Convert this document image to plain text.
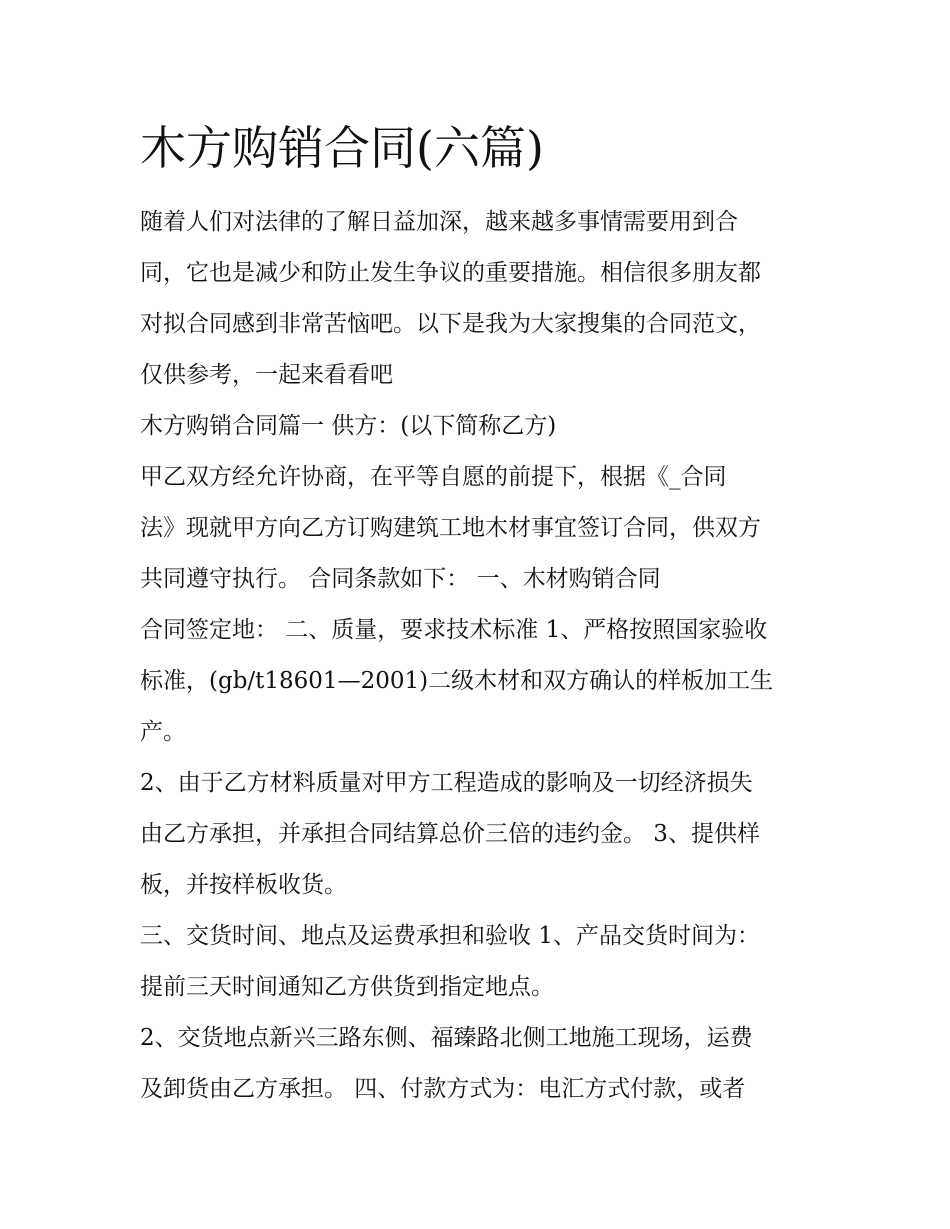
木方购销合同(六篇)
随着人们对法律的了解日益加深，越来越多事情需要用到合
同，它也是减少和防止发生争议的重要措施。相信很多朋友都
对拟合同感到非常苦恼吧。以下是我为大家搜集的合同范文，
仅供参考，一起来看看吧
木方购销合同篇一 供方：(以下简称乙方)
甲乙双方经允许协商，在平等自愿的前提下，根据《_合同
法》现就甲方向乙方订购建筑工地木材事宜签订合同，供双方
共同遵守执行。 合同条款如下： 一、木材购销合同
合同签定地： 二、质量，要求技术标准 1、严格按照国家验收
标准，(gb/t18601—2001)二级木材和双方确认的样板加工生
产。
2、由于乙方材料质量对甲方工程造成的影响及一切经济损失
由乙方承担，并承担合同结算总价三倍的违约金。 3、提供样
板，并按样板收货。
三、交货时间、地点及运费承担和验收 1、产品交货时间为：
提前三天时间通知乙方供货到指定地点。
2、交货地点新兴三路东侧、福臻路北侧工地施工现场，运费
及卸货由乙方承担。 四、付款方式为：电汇方式付款，或者
